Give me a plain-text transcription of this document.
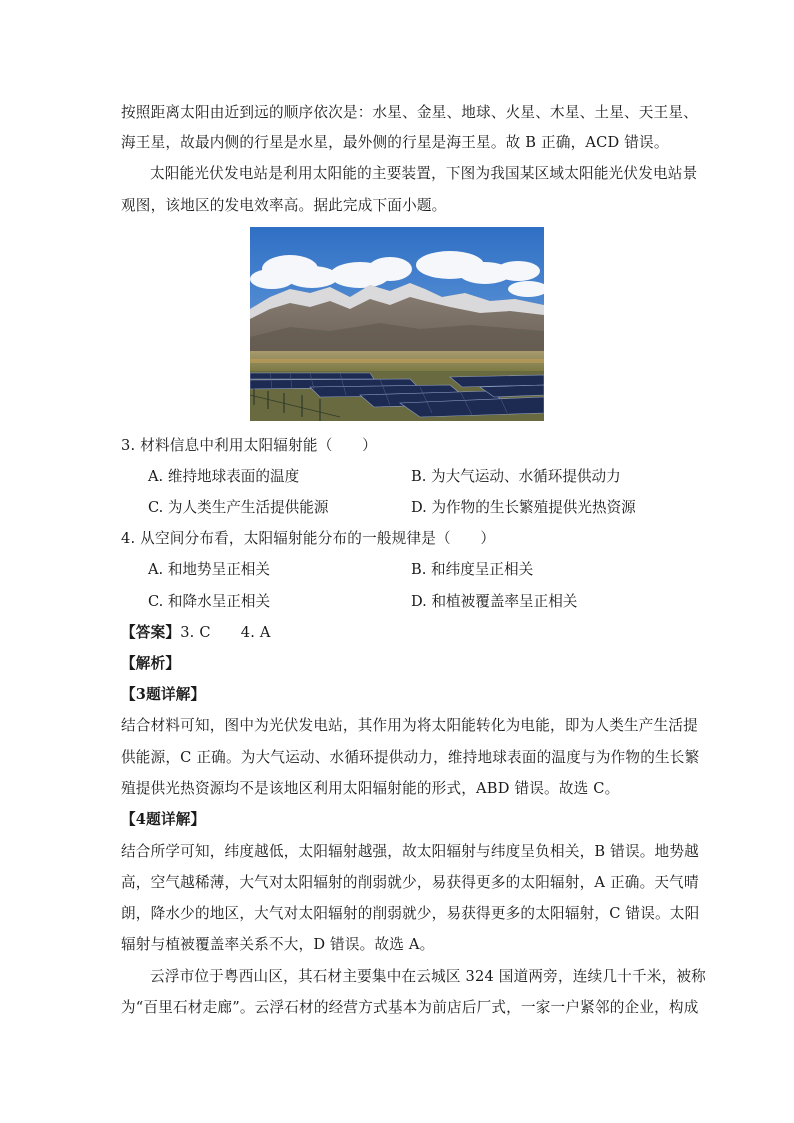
按照距离太阳由近到远的顺序依次是：水星、金星、地球、火星、木星、土星、天王星、
海王星，故最内侧的行星是水星，最外侧的行星是海王星。故 B 正确，ACD 错误。
太阳能光伏发电站是利用太阳能的主要装置，下图为我国某区域太阳能光伏发电站景
观图，该地区的发电效率高。据此完成下面小题。
3. 材料信息中利用太阳辐射能（　　）
A. 维持地球表面的温度	B. 为大气运动、水循环提供动力
C. 为人类生产生活提供能源	D. 为作物的生长繁殖提供光热资源
4. 从空间分布看，太阳辐射能分布的一般规律是（　　）
A. 和地势呈正相关	B. 和纬度呈正相关
C. 和降水呈正相关	D. 和植被覆盖率呈正相关
【答案】3. C 4. A
【解析】
【3题详解】
结合材料可知，图中为光伏发电站，其作用为将太阳能转化为电能，即为人类生产生活提
供能源，C 正确。为大气运动、水循环提供动力，维持地球表面的温度与为作物的生长繁
殖提供光热资源均不是该地区利用太阳辐射能的形式，ABD 错误。故选 C。
【4题详解】
结合所学可知，纬度越低，太阳辐射越强，故太阳辐射与纬度呈负相关，B 错误。地势越
高，空气越稀薄，大气对太阳辐射的削弱就少，易获得更多的太阳辐射，A 正确。天气晴
朗，降水少的地区，大气对太阳辐射的削弱就少，易获得更多的太阳辐射，C 错误。太阳
辐射与植被覆盖率关系不大，D 错误。故选 A。
云浮市位于粤西山区，其石材主要集中在云城区 324 国道两旁，连续几十千米，被称
为“百里石材走廊”。云浮石材的经营方式基本为前店后厂式，一家一户紧邻的企业，构成
